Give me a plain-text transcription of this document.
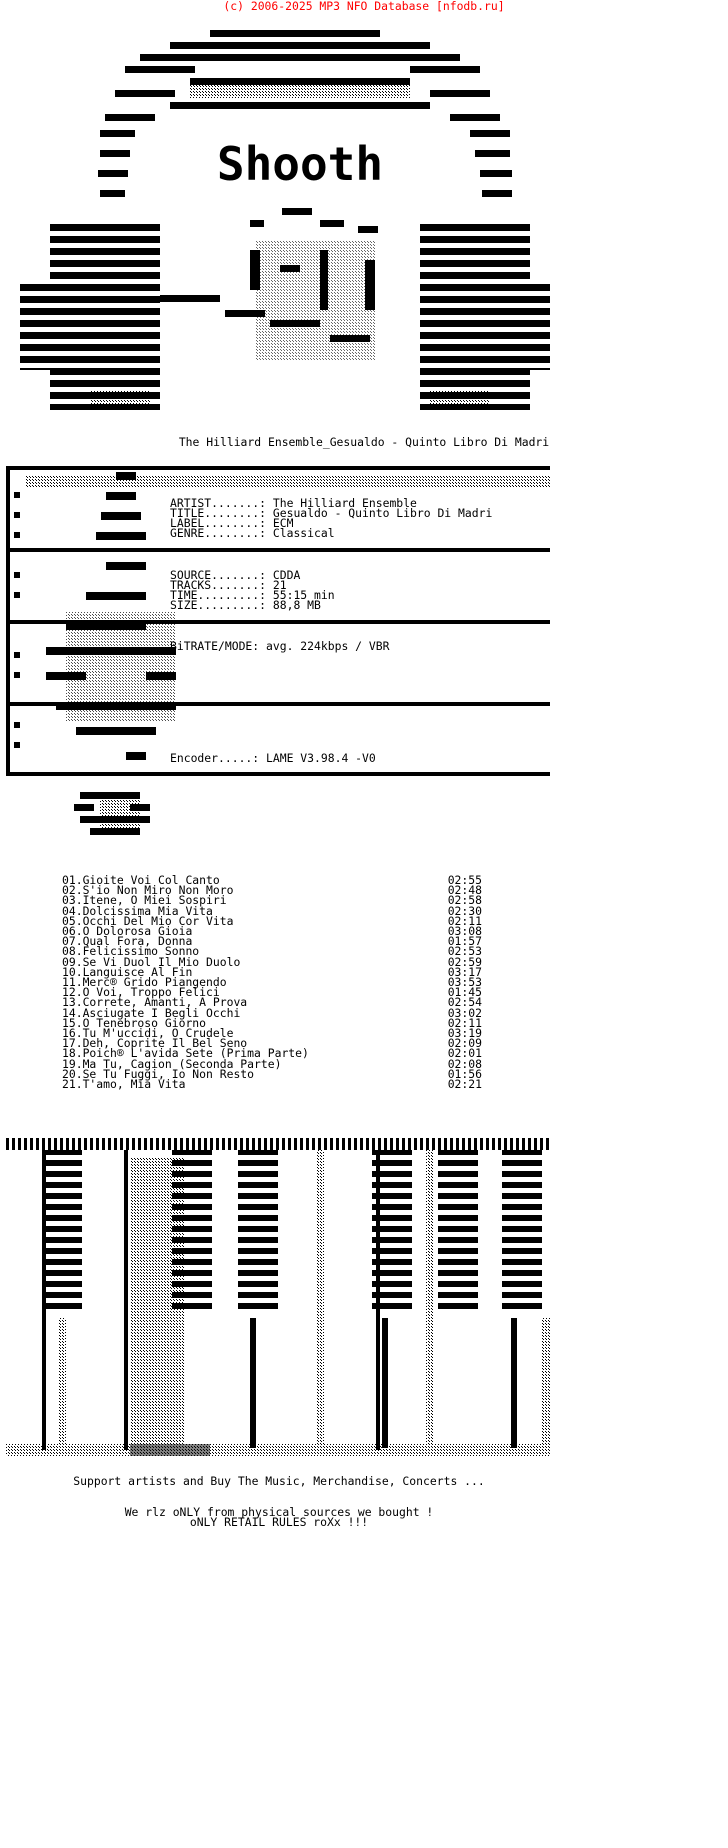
(c) 2006-2025 MP3 NFO Database [nfodb.ru]
Shooth
The Hilliard Ensemble_Gesualdo - Quinto Libro Di Madri
ARTIST.......: The Hilliard Ensemble
TITLE........: Gesualdo - Quinto Libro Di Madri
LABEL........: ECM
GENRE........: Classical
SOURCE.......: CDDA
TRACKS.......: 21
TIME.........: 55:15 min
SIZE.........: 88,8 MB
BiTRATE/MODE: avg. 224kbps / VBR
Encoder.....: LAME V3.98.4 -V0
01.Gioite Voi Col Canto	02:55
02.S'io Non Miro Non Moro	02:48
03.Itene, O Miei Sospiri	02:58
04.Dolcissima Mia Vita	02:30
05.Occhi Del Mio Cor Vita	02:11
06.O Dolorosa Gioia	03:08
07.Qual Fora, Donna	01:57
08.Felicissimo Sonno	02:53
09.Se Vi Duol Il Mio Duolo	02:59
10.Languisce Al Fin	03:17
11.Merc® Grido Piangendo	03:53
12.O Voi, Troppo Felici	01:45
13.Correte, Amanti, A Prova	02:54
14.Asciugate I Begli Occhi	03:02
15.O Tenebroso Giorno	02:11
16.Tu M'uccidi, O Crudele	03:19
17.Deh, Coprite Il Bel Seno	02:09
18.Poich® L'avida Sete (Prima Parte)	02:01
19.Ma Tu, Cagion (Seconda Parte)	02:08
20.Se Tu Fuggi, Io Non Resto	01:56
21.T'amo, Mia Vita	02:21
Support artists and Buy The Music, Merchandise, Concerts ...
We rlz oNLY from physical sources we bought !
oNLY RETAIL RULES roXx !!!
